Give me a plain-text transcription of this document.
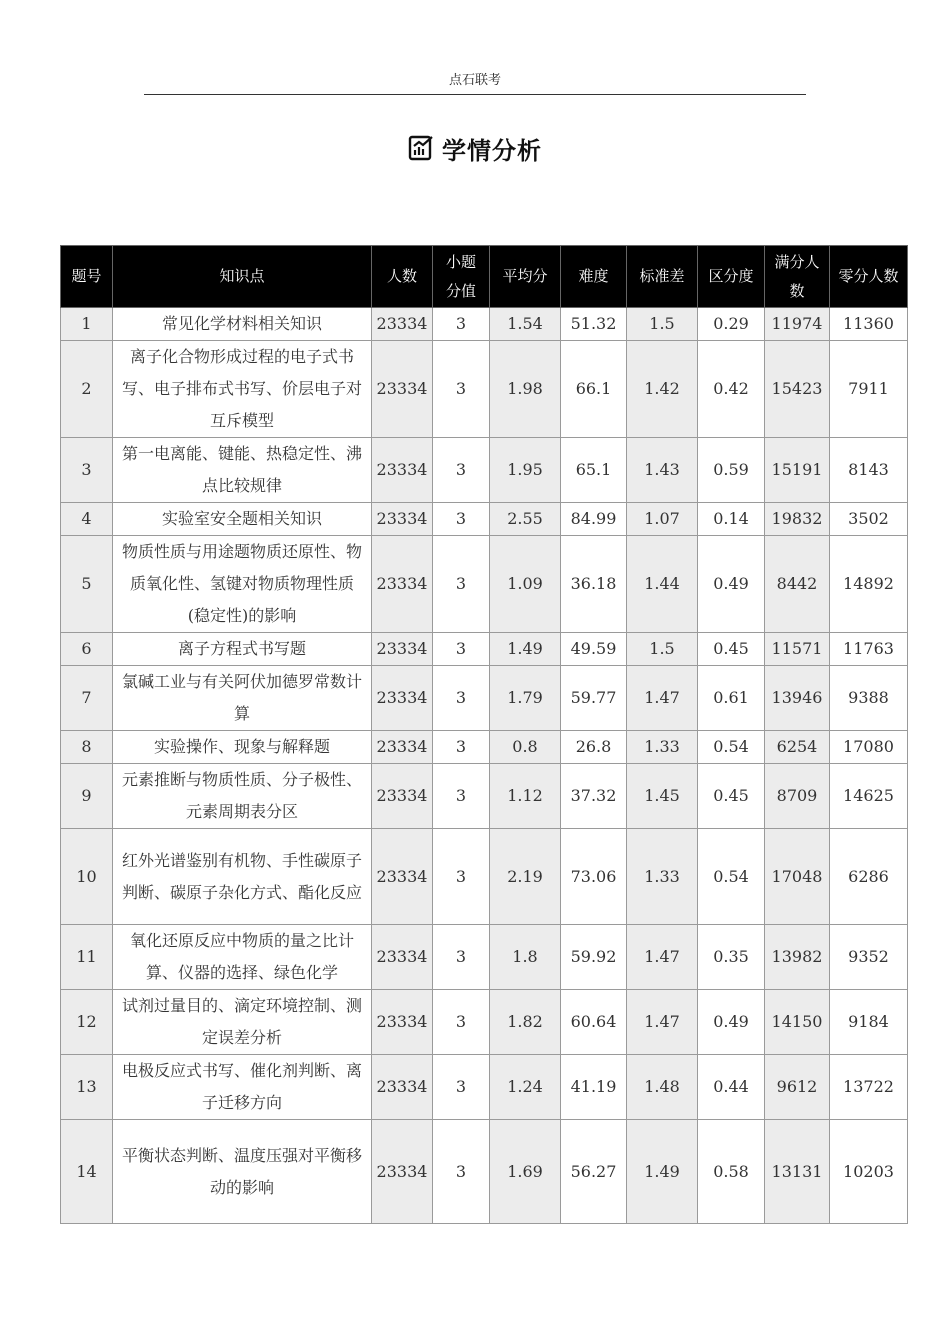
点石联考
学情分析
题号	知识点	人数	小题分值	平均分	难度	标准差	区分度	满分人数	零分人数
1	常见化学材料相关知识	23334	3	1.54	51.32	1.5	0.29	11974	11360
2	离子化合物形成过程的电子式书写、电子排布式书写、价层电子对互斥模型	23334	3	1.98	66.1	1.42	0.42	15423	7911
3	第一电离能、键能、热稳定性、沸点比较规律	23334	3	1.95	65.1	1.43	0.59	15191	8143
4	实验室安全题相关知识	23334	3	2.55	84.99	1.07	0.14	19832	3502
5	物质性质与用途题物质还原性、物质氧化性、氢键对物质物理性质(稳定性)的影响	23334	3	1.09	36.18	1.44	0.49	8442	14892
6	离子方程式书写题	23334	3	1.49	49.59	1.5	0.45	11571	11763
7	氯碱工业与有关阿伏加德罗常数计算	23334	3	1.79	59.77	1.47	0.61	13946	9388
8	实验操作、现象与解释题	23334	3	0.8	26.8	1.33	0.54	6254	17080
9	元素推断与物质性质、分子极性、元素周期表分区	23334	3	1.12	37.32	1.45	0.45	8709	14625
10	红外光谱鉴别有机物、手性碳原子判断、碳原子杂化方式、酯化反应	23334	3	2.19	73.06	1.33	0.54	17048	6286
11	氧化还原反应中物质的量之比计算、仪器的选择、绿色化学	23334	3	1.8	59.92	1.47	0.35	13982	9352
12	试剂过量目的、滴定环境控制、测定误差分析	23334	3	1.82	60.64	1.47	0.49	14150	9184
13	电极反应式书写、催化剂判断、离子迁移方向	23334	3	1.24	41.19	1.48	0.44	9612	13722
14	平衡状态判断、温度压强对平衡移动的影响	23334	3	1.69	56.27	1.49	0.58	13131	10203
